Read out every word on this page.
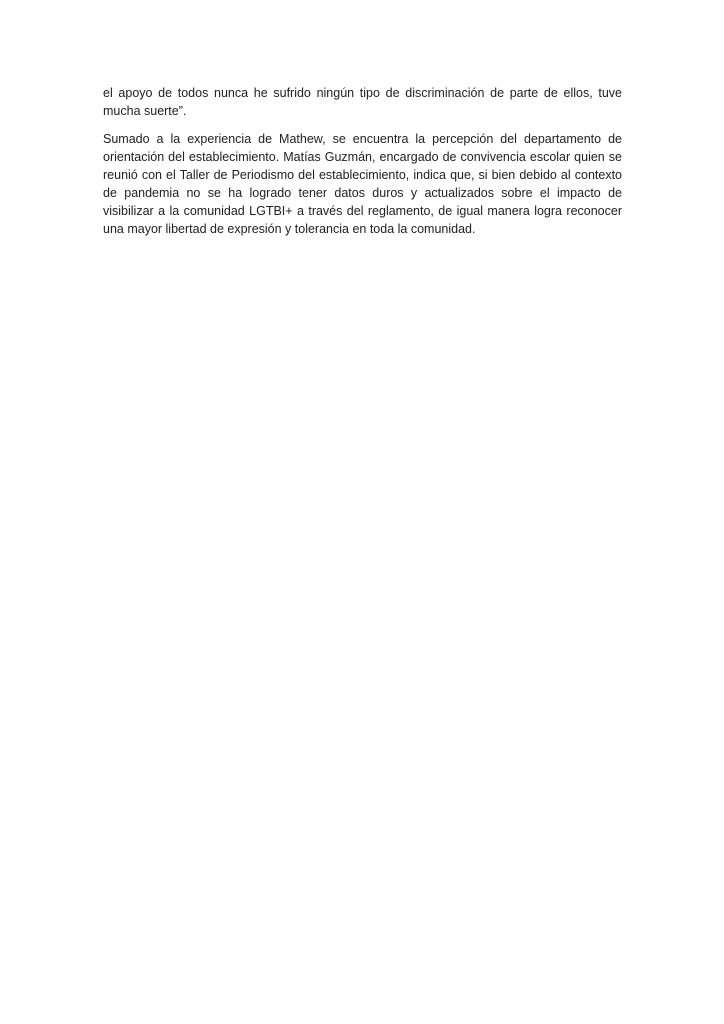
el apoyo de todos nunca he sufrido ningún tipo de discriminación de parte de ellos, tuve mucha suerte”.

Sumado a la experiencia de Mathew, se encuentra la percepción del departamento de orientación del establecimiento. Matías Guzmán, encargado de convivencia escolar quien se reunió con el Taller de Periodismo del establecimiento, indica que, si bien debido al contexto de pandemia no se ha logrado tener datos duros y actualizados sobre el impacto de visibilizar a la comunidad LGTBI+ a través del reglamento, de igual manera logra reconocer una mayor libertad de expresión y tolerancia en toda la comunidad.
